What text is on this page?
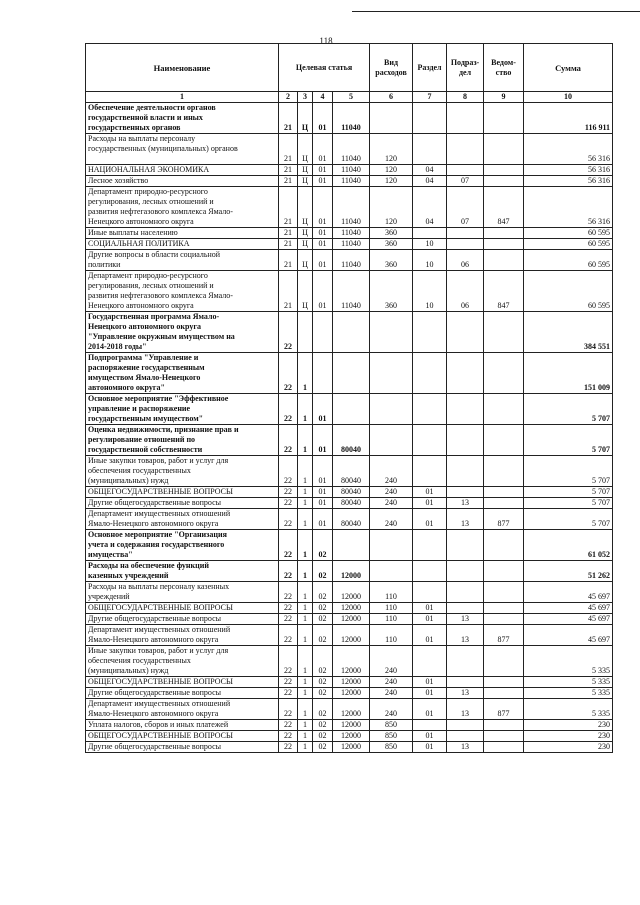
118
Наименование	Целевая статья				Вид расходов	Раздел	Подраз-дел	Ведом-ство	Сумма
1	2	3	4	5	6	7	8	9	10
Обеспечение деятельности органов
государственной власти и иных
государственных органов	21	Ц	01	11040					116 911
Расходы на выплаты персоналу
государственных (муниципальных) органов	21	Ц	01	11040	120				56 316
НАЦИОНАЛЬНАЯ ЭКОНОМИКА	21	Ц	01	11040	120	04			56 316
Лесное хозяйство	21	Ц	01	11040	120	04	07		56 316
Департамент природно-ресурсного
регулирования, лесных отношений и
развития нефтегазового комплекса Ямало-
Ненецкого автономного округа	21	Ц	01	11040	120	04	07	847	56 316
Иные выплаты населению	21	Ц	01	11040	360				60 595
СОЦИАЛЬНАЯ ПОЛИТИКА	21	Ц	01	11040	360	10			60 595
Другие вопросы в области социальной
политики	21	Ц	01	11040	360	10	06		60 595
Департамент природно-ресурсного
регулирования, лесных отношений и
развития нефтегазового комплекса Ямало-
Ненецкого автономного округа	21	Ц	01	11040	360	10	06	847	60 595
Государственная программа Ямало-
Ненецкого автономного округа
"Управление окружным имуществом на
2014-2018 годы"	22								384 551
Подпрограмма "Управление и
распоряжение государственным
имуществом Ямало-Ненецкого
автономного округа"	22	1							151 009
Основное мероприятие "Эффективное
управление и распоряжение
государственным имуществом"	22	1	01						5 707
Оценка недвижимости, признание прав и
регулирование отношений по
государственной собственности	22	1	01	80040					5 707
Иные закупки товаров, работ и услуг для
обеспечения государственных
(муниципальных) нужд	22	1	01	80040	240				5 707
ОБЩЕГОСУДАРСТВЕННЫЕ ВОПРОСЫ	22	1	01	80040	240	01			5 707
Другие общегосударственные вопросы	22	1	01	80040	240	01	13		5 707
Департамент имущественных отношений
Ямало-Ненецкого автономного округа	22	1	01	80040	240	01	13	877	5 707
Основное мероприятие "Организация
учета и содержания государственного
имущества"	22	1	02						61 052
Расходы на обеспечение функций
казенных учреждений	22	1	02	12000					51 262
Расходы на выплаты персоналу казенных
учреждений	22	1	02	12000	110				45 697
ОБЩЕГОСУДАРСТВЕННЫЕ ВОПРОСЫ	22	1	02	12000	110	01			45 697
Другие общегосударственные вопросы	22	1	02	12000	110	01	13		45 697
Департамент имущественных отношений
Ямало-Ненецкого автономного округа	22	1	02	12000	110	01	13	877	45 697
Иные закупки товаров, работ и услуг для
обеспечения государственных
(муниципальных) нужд	22	1	02	12000	240				5 335
ОБЩЕГОСУДАРСТВЕННЫЕ ВОПРОСЫ	22	1	02	12000	240	01			5 335
Другие общегосударственные вопросы	22	1	02	12000	240	01	13		5 335
Департамент имущественных отношений
Ямало-Ненецкого автономного округа	22	1	02	12000	240	01	13	877	5 335
Уплата налогов, сборов и иных платежей	22	1	02	12000	850				230
ОБЩЕГОСУДАРСТВЕННЫЕ ВОПРОСЫ	22	1	02	12000	850	01			230
Другие общегосударственные вопросы	22	1	02	12000	850	01	13		230
